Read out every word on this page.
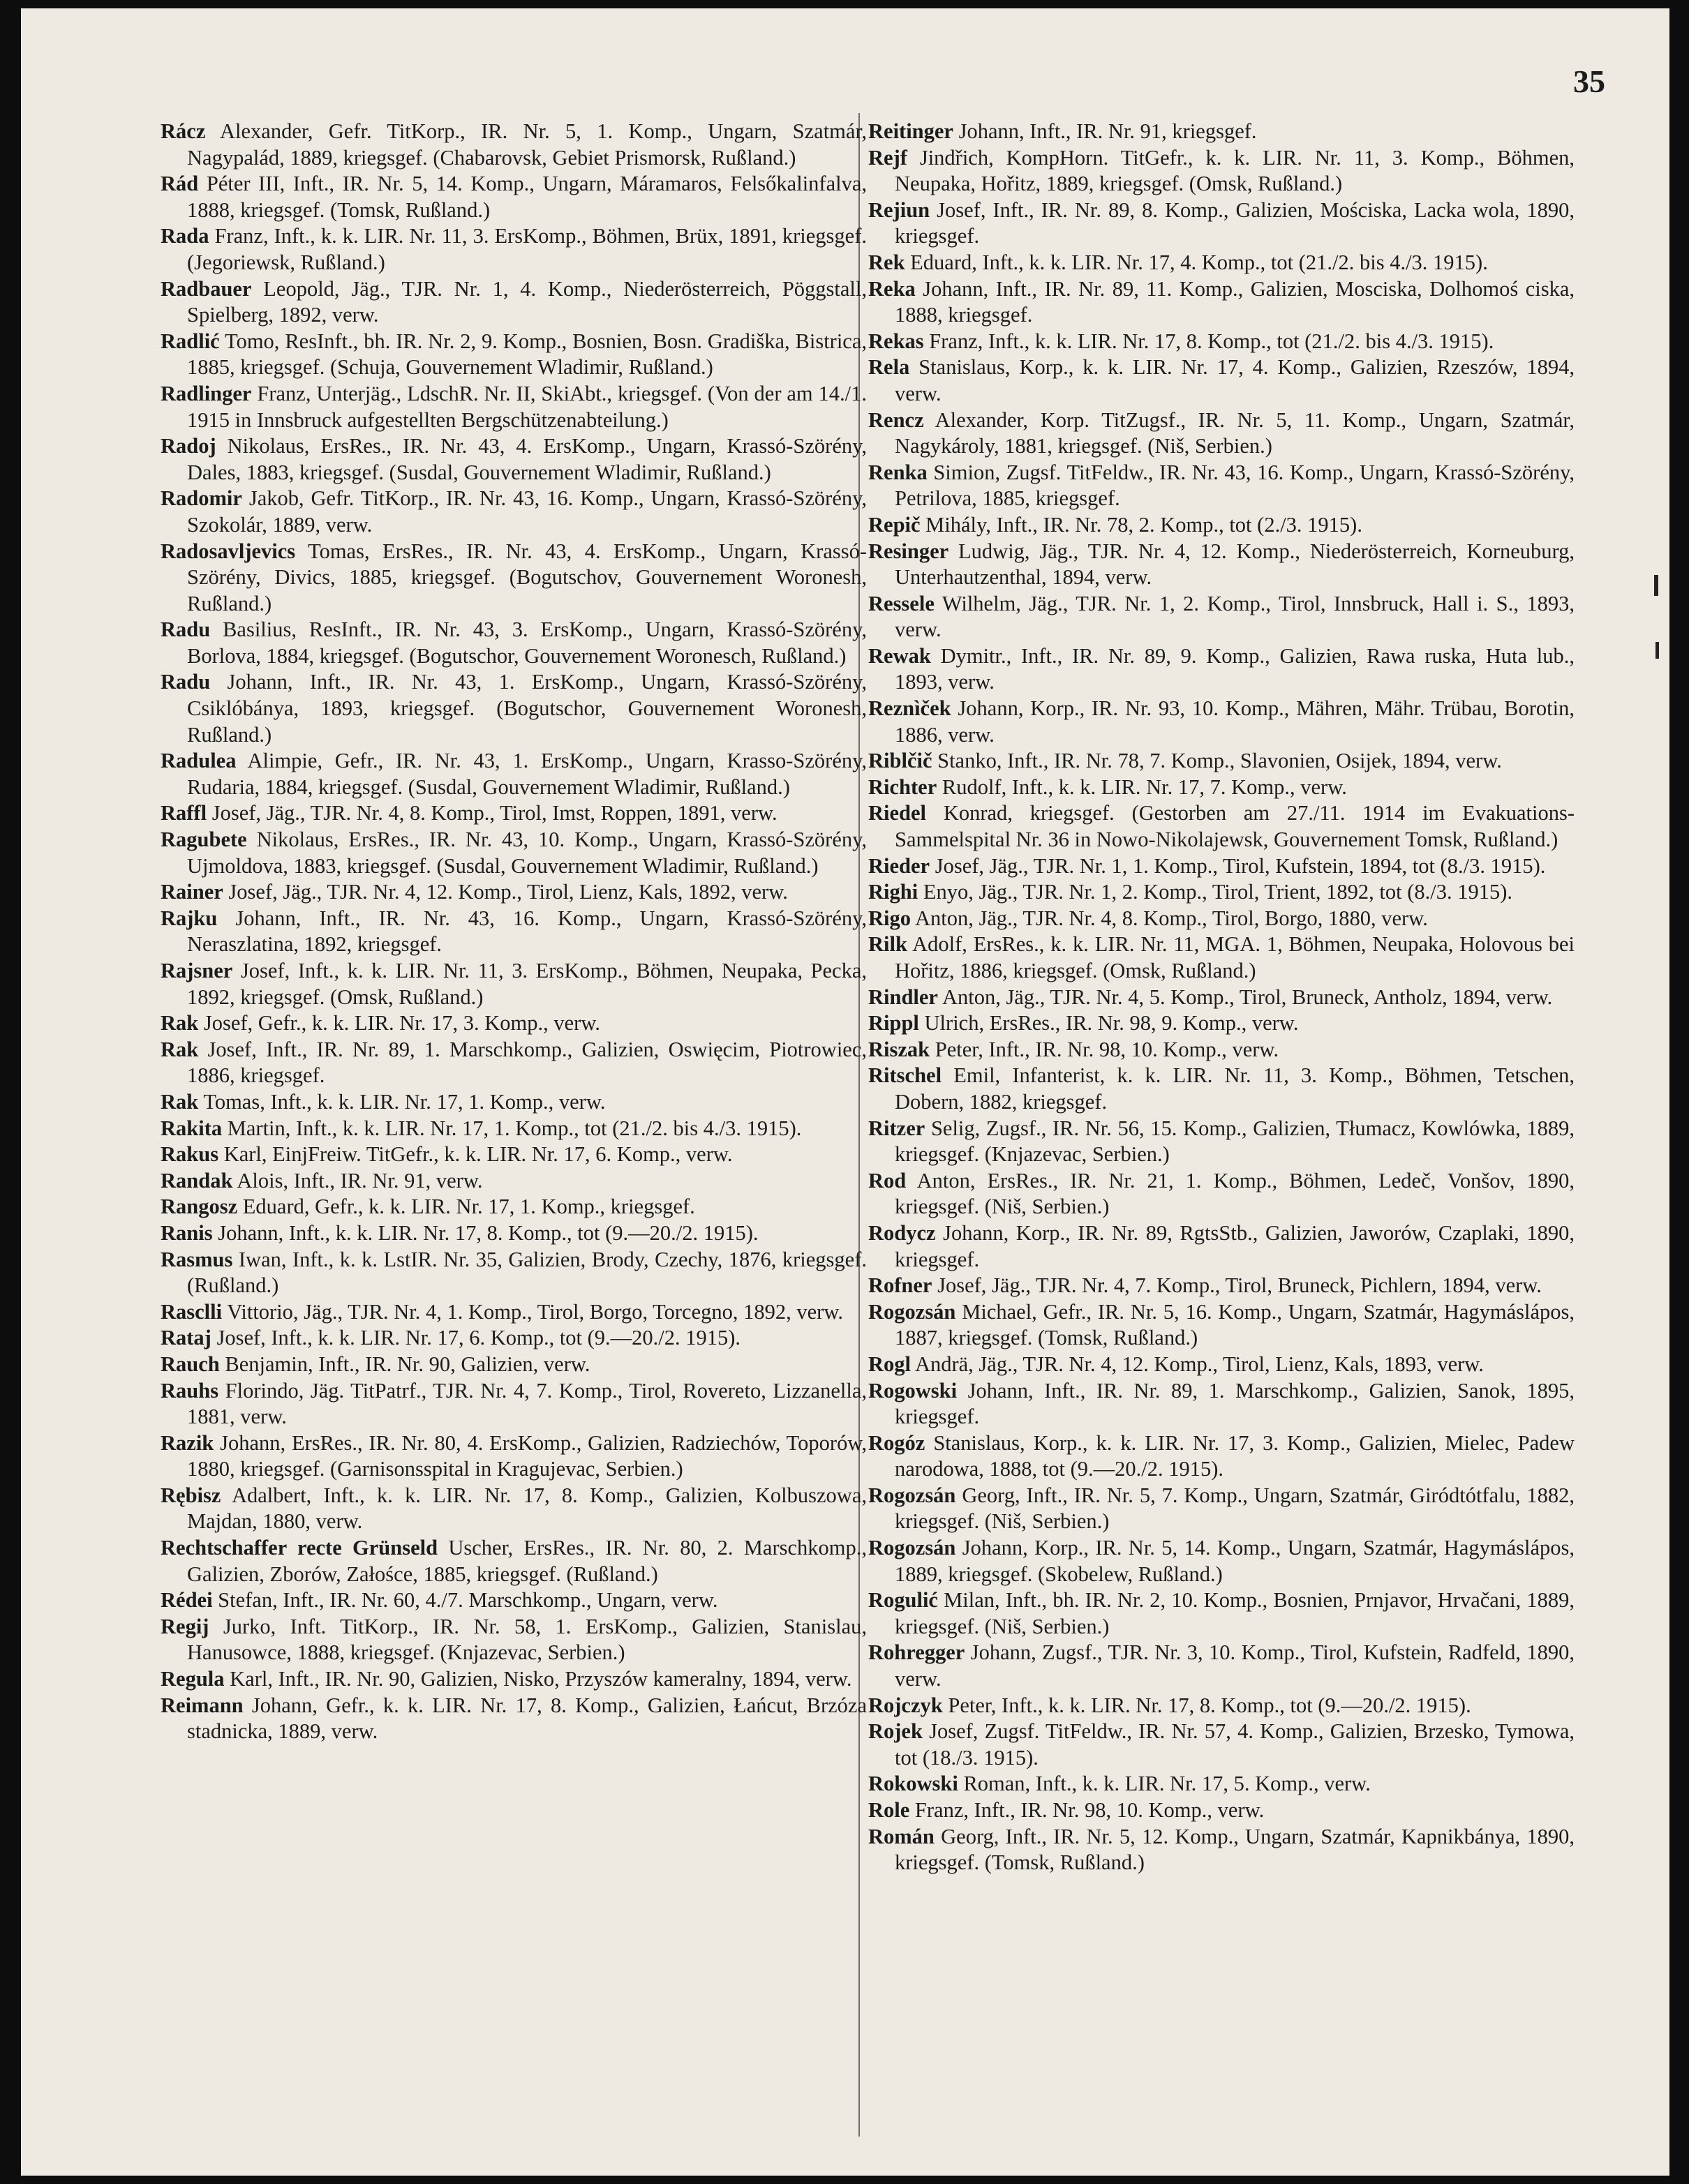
35

Rácz Alexander, Gefr. TitKorp., IR. Nr. 5, 1. Komp., Ungarn, Szatmár, Nagypalád, 1889, kriegsgef. (Chabarovsk, Gebiet Prismorsk, Rußland.)

Rád Péter III, Inft., IR. Nr. 5, 14. Komp., Ungarn, Máramaros, Felsőkalinfalva, 1888, kriegsgef. (Tomsk, Rußland.)

Rada Franz, Inft., k. k. LIR. Nr. 11, 3. ErsKomp., Böhmen, Brüx, 1891, kriegsgef. (Jegoriewsk, Rußland.)

Radbauer Leopold, Jäg., TJR. Nr. 1, 4. Komp., Niederösterreich, Pöggstall, Spielberg, 1892, verw.

Radlić Tomo, ResInft., bh. IR. Nr. 2, 9. Komp., Bosnien, Bosn. Gradiška, Bistrica, 1885, kriegsgef. (Schuja, Gouvernement Wladimir, Rußland.)

Radlinger Franz, Unterjäg., LdschR. Nr. II, SkiAbt., kriegsgef. (Von der am 14./1. 1915 in Innsbruck aufgestellten Bergschützenabteilung.)

Radoj Nikolaus, ErsRes., IR. Nr. 43, 4. ErsKomp., Ungarn, Krassó-Szörény, Dales, 1883, kriegsgef. (Susdal, Gouvernement Wladimir, Rußland.)

Radomir Jakob, Gefr. TitKorp., IR. Nr. 43, 16. Komp., Ungarn, Krassó-Szörény, Szokolár, 1889, verw.

Radosavljevics Tomas, ErsRes., IR. Nr. 43, 4. ErsKomp., Ungarn, Krassó-Szörény, Divics, 1885, kriegsgef. (Bogutschov, Gouvernement Woronesh, Rußland.)

Radu Basilius, ResInft., IR. Nr. 43, 3. ErsKomp., Ungarn, Krassó-Szörény, Borlova, 1884, kriegsgef. (Bogutschor, Gouvernement Woronesch, Rußland.)

Radu Johann, Inft., IR. Nr. 43, 1. ErsKomp., Ungarn, Krassó-Szörény, Csiklóbánya, 1893, kriegsgef. (Bogutschor, Gouvernement Woronesh, Rußland.)

Radulea Alimpie, Gefr., IR. Nr. 43, 1. ErsKomp., Ungarn, Krasso-Szörény, Rudaria, 1884, kriegsgef. (Susdal, Gouvernement Wladimir, Rußland.)

Raffl Josef, Jäg., TJR. Nr. 4, 8. Komp., Tirol, Imst, Roppen, 1891, verw.

Ragubete Nikolaus, ErsRes., IR. Nr. 43, 10. Komp., Ungarn, Krassó-Szörény, Ujmoldova, 1883, kriegsgef. (Susdal, Gouvernement Wladimir, Rußland.)

Rainer Josef, Jäg., TJR. Nr. 4, 12. Komp., Tirol, Lienz, Kals, 1892, verw.

Rajku Johann, Inft., IR. Nr. 43, 16. Komp., Ungarn, Krassó-Szörény, Neraszlatina, 1892, kriegsgef.

Rajsner Josef, Inft., k. k. LIR. Nr. 11, 3. ErsKomp., Böhmen, Neupaka, Pecka, 1892, kriegsgef. (Omsk, Rußland.)

Rak Josef, Gefr., k. k. LIR. Nr. 17, 3. Komp., verw.

Rak Josef, Inft., IR. Nr. 89, 1. Marschkomp., Galizien, Oswięcim, Piotrowiec, 1886, kriegsgef.

Rak Tomas, Inft., k. k. LIR. Nr. 17, 1. Komp., verw.

Rakita Martin, Inft., k. k. LIR. Nr. 17, 1. Komp., tot (21./2. bis 4./3. 1915).

Rakus Karl, EinjFreiw. TitGefr., k. k. LIR. Nr. 17, 6. Komp., verw.

Randak Alois, Inft., IR. Nr. 91, verw.

Rangosz Eduard, Gefr., k. k. LIR. Nr. 17, 1. Komp., kriegsgef.

Ranis Johann, Inft., k. k. LIR. Nr. 17, 8. Komp., tot (9.—20./2. 1915).

Rasmus Iwan, Inft., k. k. LstIR. Nr. 35, Galizien, Brody, Czechy, 1876, kriegsgef. (Rußland.)

Rasclli Vittorio, Jäg., TJR. Nr. 4, 1. Komp., Tirol, Borgo, Torcegno, 1892, verw.

Rataj Josef, Inft., k. k. LIR. Nr. 17, 6. Komp., tot (9.—20./2. 1915).

Rauch Benjamin, Inft., IR. Nr. 90, Galizien, verw.

Rauhs Florindo, Jäg. TitPatrf., TJR. Nr. 4, 7. Komp., Tirol, Rovereto, Lizzanella, 1881, verw.

Razik Johann, ErsRes., IR. Nr. 80, 4. ErsKomp., Galizien, Radziechów, Toporów, 1880, kriegsgef. (Garnisonsspital in Kragujevac, Serbien.)

Rębisz Adalbert, Inft., k. k. LIR. Nr. 17, 8. Komp., Galizien, Kolbuszowa, Majdan, 1880, verw.

Rechtschaffer recte Grünseld Uscher, ErsRes., IR. Nr. 80, 2. Marschkomp., Galizien, Zborów, Załośce, 1885, kriegsgef. (Rußland.)

Rédei Stefan, Inft., IR. Nr. 60, 4./7. Marschkomp., Ungarn, verw.

Regij Jurko, Inft. TitKorp., IR. Nr. 58, 1. ErsKomp., Galizien, Stanislau, Hanusowce, 1888, kriegsgef. (Knjazevac, Serbien.)

Regula Karl, Inft., IR. Nr. 90, Galizien, Nisko, Przyszów kameralny, 1894, verw.

Reimann Johann, Gefr., k. k. LIR. Nr. 17, 8. Komp., Galizien, Łańcut, Brzóza stadnicka, 1889, verw.

Reitinger Johann, Inft., IR. Nr. 91, kriegsgef.

Rejf Jindřich, KompHorn. TitGefr., k. k. LIR. Nr. 11, 3. Komp., Böhmen, Neupaka, Hořitz, 1889, kriegsgef. (Omsk, Rußland.)

Rejiun Josef, Inft., IR. Nr. 89, 8. Komp., Galizien, Mościska, Lacka wola, 1890, kriegsgef.

Rek Eduard, Inft., k. k. LIR. Nr. 17, 4. Komp., tot (21./2. bis 4./3. 1915).

Reka Johann, Inft., IR. Nr. 89, 11. Komp., Galizien, Mosciska, Dolhomoś ciska, 1888, kriegsgef.

Rekas Franz, Inft., k. k. LIR. Nr. 17, 8. Komp., tot (21./2. bis 4./3. 1915).

Rela Stanislaus, Korp., k. k. LIR. Nr. 17, 4. Komp., Galizien, Rzeszów, 1894, verw.

Rencz Alexander, Korp. TitZugsf., IR. Nr. 5, 11. Komp., Ungarn, Szatmár, Nagykároly, 1881, kriegsgef. (Niš, Serbien.)

Renka Simion, Zugsf. TitFeldw., IR. Nr. 43, 16. Komp., Ungarn, Krassó-Szörény, Petrilova, 1885, kriegsgef.

Repič Mihály, Inft., IR. Nr. 78, 2. Komp., tot (2./3. 1915).

Resinger Ludwig, Jäg., TJR. Nr. 4, 12. Komp., Niederösterreich, Korneuburg, Unterhautzenthal, 1894, verw.

Ressele Wilhelm, Jäg., TJR. Nr. 1, 2. Komp., Tirol, Innsbruck, Hall i. S., 1893, verw.

Rewak Dymitr., Inft., IR. Nr. 89, 9. Komp., Galizien, Rawa ruska, Huta lub., 1893, verw.

Reznìček Johann, Korp., IR. Nr. 93, 10. Komp., Mähren, Mähr. Trübau, Borotin, 1886, verw.

Riblčič Stanko, Inft., IR. Nr. 78, 7. Komp., Slavonien, Osijek, 1894, verw.

Richter Rudolf, Inft., k. k. LIR. Nr. 17, 7. Komp., verw.

Riedel Konrad, kriegsgef. (Gestorben am 27./11. 1914 im Evakuations-Sammelspital Nr. 36 in Nowo-Nikolajewsk, Gouvernement Tomsk, Rußland.)

Rieder Josef, Jäg., TJR. Nr. 1, 1. Komp., Tirol, Kufstein, 1894, tot (8./3. 1915).

Righi Enyo, Jäg., TJR. Nr. 1, 2. Komp., Tirol, Trient, 1892, tot (8./3. 1915).

Rigo Anton, Jäg., TJR. Nr. 4, 8. Komp., Tirol, Borgo, 1880, verw.

Rilk Adolf, ErsRes., k. k. LIR. Nr. 11, MGA. 1, Böhmen, Neupaka, Holovous bei Hořitz, 1886, kriegsgef. (Omsk, Rußland.)

Rindler Anton, Jäg., TJR. Nr. 4, 5. Komp., Tirol, Bruneck, Antholz, 1894, verw.

Rippl Ulrich, ErsRes., IR. Nr. 98, 9. Komp., verw.

Riszak Peter, Inft., IR. Nr. 98, 10. Komp., verw.

Ritschel Emil, Infanterist, k. k. LIR. Nr. 11, 3. Komp., Böhmen, Tetschen, Dobern, 1882, kriegsgef.

Ritzer Selig, Zugsf., IR. Nr. 56, 15. Komp., Galizien, Tłumacz, Kowlówka, 1889, kriegsgef. (Knjazevac, Serbien.)

Rod Anton, ErsRes., IR. Nr. 21, 1. Komp., Böhmen, Ledeč, Vonšov, 1890, kriegsgef. (Niš, Serbien.)

Rodycz Johann, Korp., IR. Nr. 89, RgtsStb., Galizien, Jaworów, Czaplaki, 1890, kriegsgef.

Rofner Josef, Jäg., TJR. Nr. 4, 7. Komp., Tirol, Bruneck, Pichlern, 1894, verw.

Rogozsán Michael, Gefr., IR. Nr. 5, 16. Komp., Ungarn, Szatmár, Hagymáslápos, 1887, kriegsgef. (Tomsk, Rußland.)

Rogl Andrä, Jäg., TJR. Nr. 4, 12. Komp., Tirol, Lienz, Kals, 1893, verw.

Rogowski Johann, Inft., IR. Nr. 89, 1. Marschkomp., Galizien, Sanok, 1895, kriegsgef.

Rogóz Stanislaus, Korp., k. k. LIR. Nr. 17, 3. Komp., Galizien, Mielec, Padew narodowa, 1888, tot (9.—20./2. 1915).

Rogozsán Georg, Inft., IR. Nr. 5, 7. Komp., Ungarn, Szatmár, Giródtótfalu, 1882, kriegsgef. (Niš, Serbien.)

Rogozsán Johann, Korp., IR. Nr. 5, 14. Komp., Ungarn, Szatmár, Hagymáslápos, 1889, kriegsgef. (Skobelew, Rußland.)

Rogulić Milan, Inft., bh. IR. Nr. 2, 10. Komp., Bosnien, Prnjavor, Hrvačani, 1889, kriegsgef. (Niš, Serbien.)

Rohregger Johann, Zugsf., TJR. Nr. 3, 10. Komp., Tirol, Kufstein, Radfeld, 1890, verw.

Rojczyk Peter, Inft., k. k. LIR. Nr. 17, 8. Komp., tot (9.—20./2. 1915).

Rojek Josef, Zugsf. TitFeldw., IR. Nr. 57, 4. Komp., Galizien, Brzesko, Tymowa, tot (18./3. 1915).

Rokowski Roman, Inft., k. k. LIR. Nr. 17, 5. Komp., verw.

Role Franz, Inft., IR. Nr. 98, 10. Komp., verw.

Román Georg, Inft., IR. Nr. 5, 12. Komp., Ungarn, Szatmár, Kapnikbánya, 1890, kriegsgef. (Tomsk, Rußland.)
